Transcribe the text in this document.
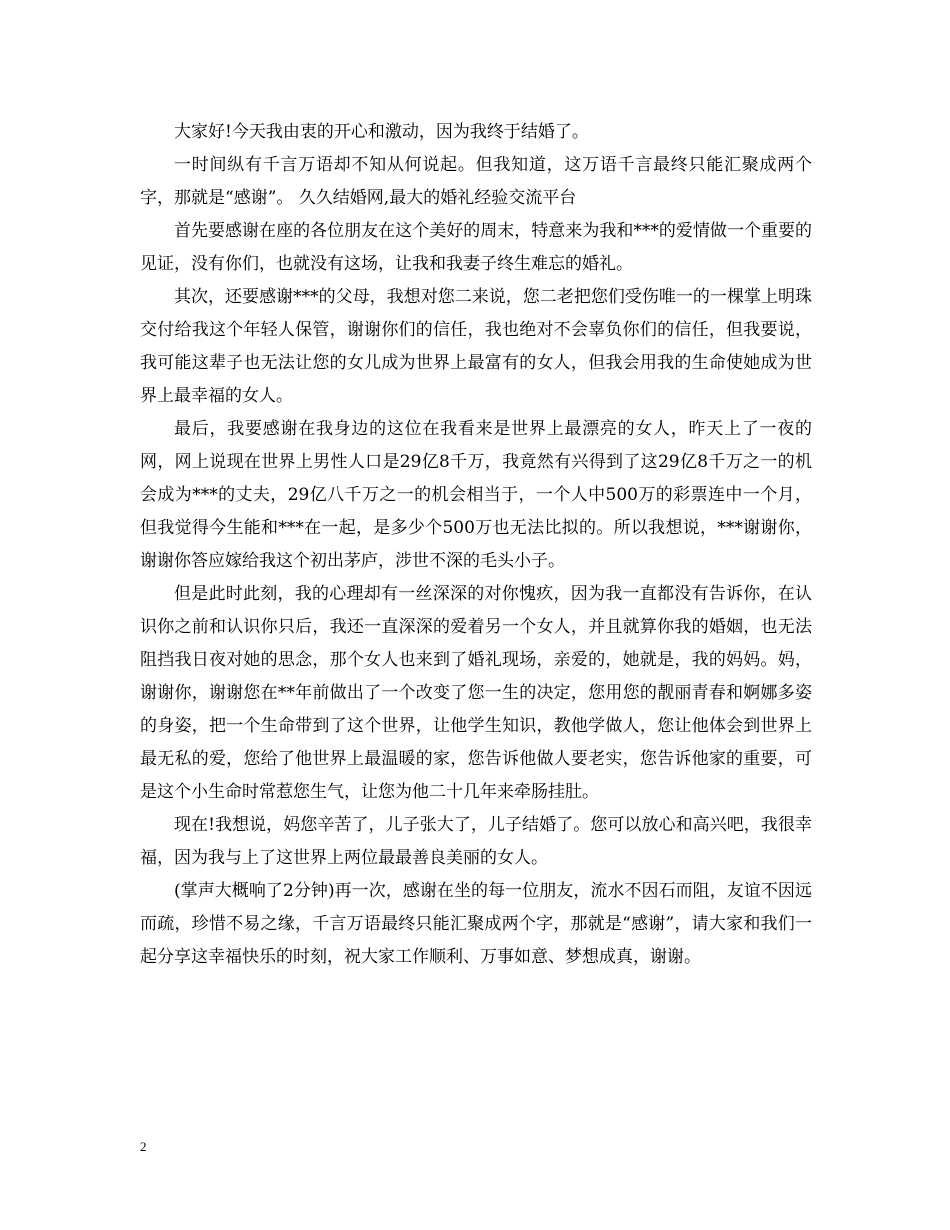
大家好!今天我由衷的开心和激动，因为我终于结婚了。

一时间纵有千言万语却不知从何说起。但我知道，这万语千言最终只能汇聚成两个字，那就是“感谢”。 久久结婚网,最大的婚礼经验交流平台

首先要感谢在座的各位朋友在这个美好的周末，特意来为我和***的爱情做一个重要的见证，没有你们，也就没有这场，让我和我妻子终生难忘的婚礼。

其次，还要感谢***的父母，我想对您二来说，您二老把您们受伤唯一的一棵掌上明珠交付给我这个年轻人保管，谢谢你们的信任，我也绝对不会辜负你们的信任，但我要说，我可能这辈子也无法让您的女儿成为世界上最富有的女人，但我会用我的生命使她成为世界上最幸福的女人。

最后，我要感谢在我身边的这位在我看来是世界上最漂亮的女人，昨天上了一夜的网，网上说现在世界上男性人口是29亿8千万，我竟然有兴得到了这29亿8千万之一的机会成为***的丈夫，29亿八千万之一的机会相当于，一个人中500万的彩票连中一个月，但我觉得今生能和***在一起，是多少个500万也无法比拟的。所以我想说，***谢谢你，谢谢你答应嫁给我这个初出茅庐，涉世不深的毛头小子。

但是此时此刻，我的心理却有一丝深深的对你愧疚，因为我一直都没有告诉你，在认识你之前和认识你只后，我还一直深深的爱着另一个女人，并且就算你我的婚姻，也无法阻挡我日夜对她的思念，那个女人也来到了婚礼现场，亲爱的，她就是，我的妈妈。妈，谢谢你，谢谢您在**年前做出了一个改变了您一生的决定，您用您的靓丽青春和婀娜多姿的身姿，把一个生命带到了这个世界，让他学生知识，教他学做人，您让他体会到世界上最无私的爱，您给了他世界上最温暖的家，您告诉他做人要老实，您告诉他家的重要，可是这个小生命时常惹您生气，让您为他二十几年来牵肠挂肚。

现在!我想说，妈您辛苦了，儿子张大了，儿子结婚了。您可以放心和高兴吧，我很幸福，因为我与上了这世界上两位最最善良美丽的女人。

(掌声大概响了2分钟)再一次，感谢在坐的每一位朋友，流水不因石而阻，友谊不因远而疏，珍惜不易之缘，千言万语最终只能汇聚成两个字，那就是“感谢”，请大家和我们一起分享这幸福快乐的时刻，祝大家工作顺利、万事如意、梦想成真，谢谢。

2
